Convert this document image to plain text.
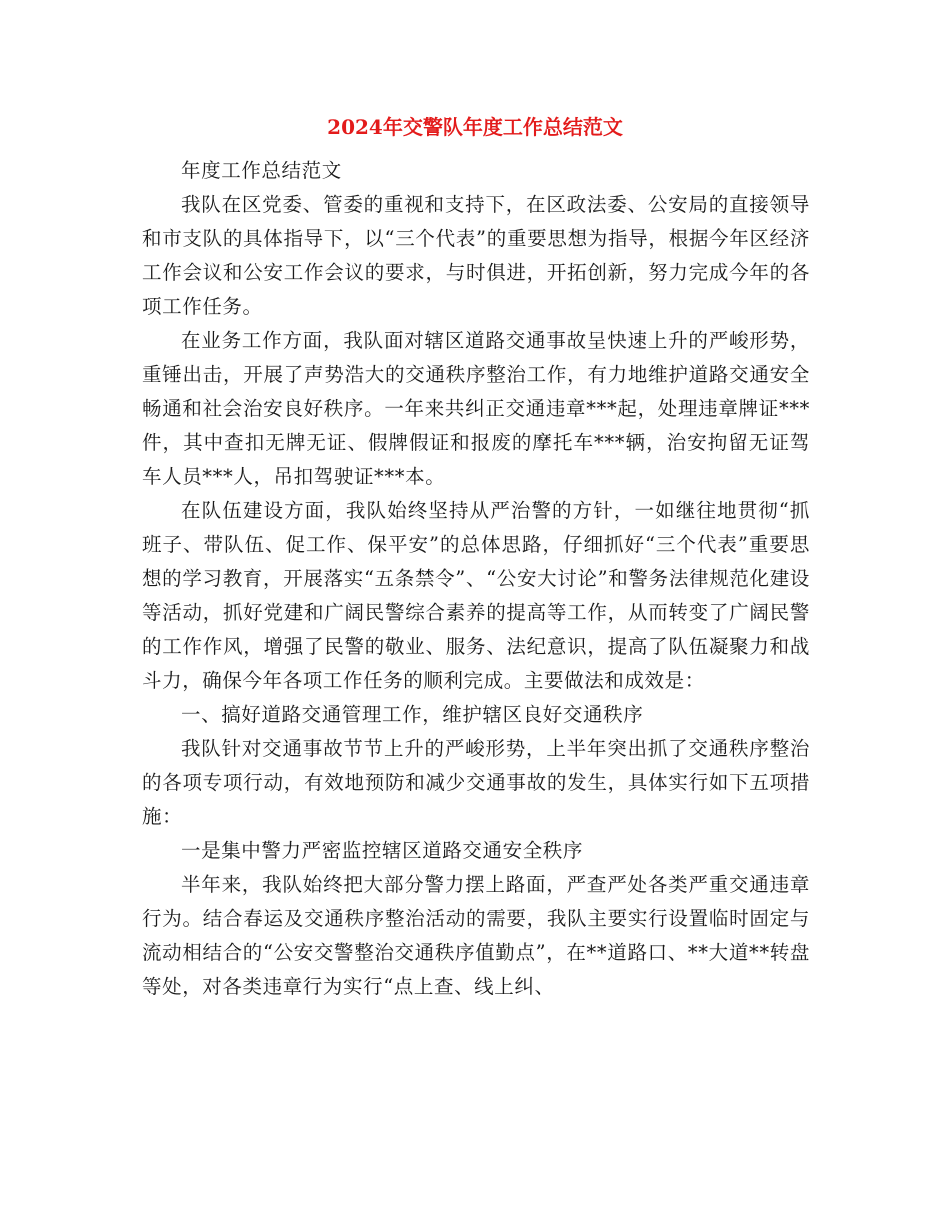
2024年交警队年度工作总结范文

年度工作总结范文

我队在区党委、管委的重视和支持下，在区政法委、公安局的直接领导和市支队的具体指导下，以“三个代表”的重要思想为指导，根据今年区经济工作会议和公安工作会议的要求，与时俱进，开拓创新，努力完成今年的各项工作任务。

在业务工作方面，我队面对辖区道路交通事故呈快速上升的严峻形势，重锤出击，开展了声势浩大的交通秩序整治工作，有力地维护道路交通安全畅通和社会治安良好秩序。一年来共纠正交通违章***起，处理违章牌证***件，其中查扣无牌无证、假牌假证和报废的摩托车***辆，治安拘留无证驾车人员***人，吊扣驾驶证***本。

在队伍建设方面，我队始终坚持从严治警的方针，一如继往地贯彻“抓班子、带队伍、促工作、保平安”的总体思路，仔细抓好“三个代表”重要思想的学习教育，开展落实“五条禁令”、“公安大讨论”和警务法律规范化建设等活动，抓好党建和广阔民警综合素养的提高等工作，从而转变了广阔民警的工作作风，增强了民警的敬业、服务、法纪意识，提高了队伍凝聚力和战斗力，确保今年各项工作任务的顺利完成。主要做法和成效是：

一、搞好道路交通管理工作，维护辖区良好交通秩序

我队针对交通事故节节上升的严峻形势，上半年突出抓了交通秩序整治的各项专项行动，有效地预防和减少交通事故的发生，具体实行如下五项措施：

一是集中警力严密监控辖区道路交通安全秩序

半年来，我队始终把大部分警力摆上路面，严查严处各类严重交通违章行为。结合春运及交通秩序整治活动的需要，我队主要实行设置临时固定与流动相结合的“公安交警整治交通秩序值勤点”，在**道路口、**大道**转盘等处，对各类违章行为实行“点上查、线上纠、
